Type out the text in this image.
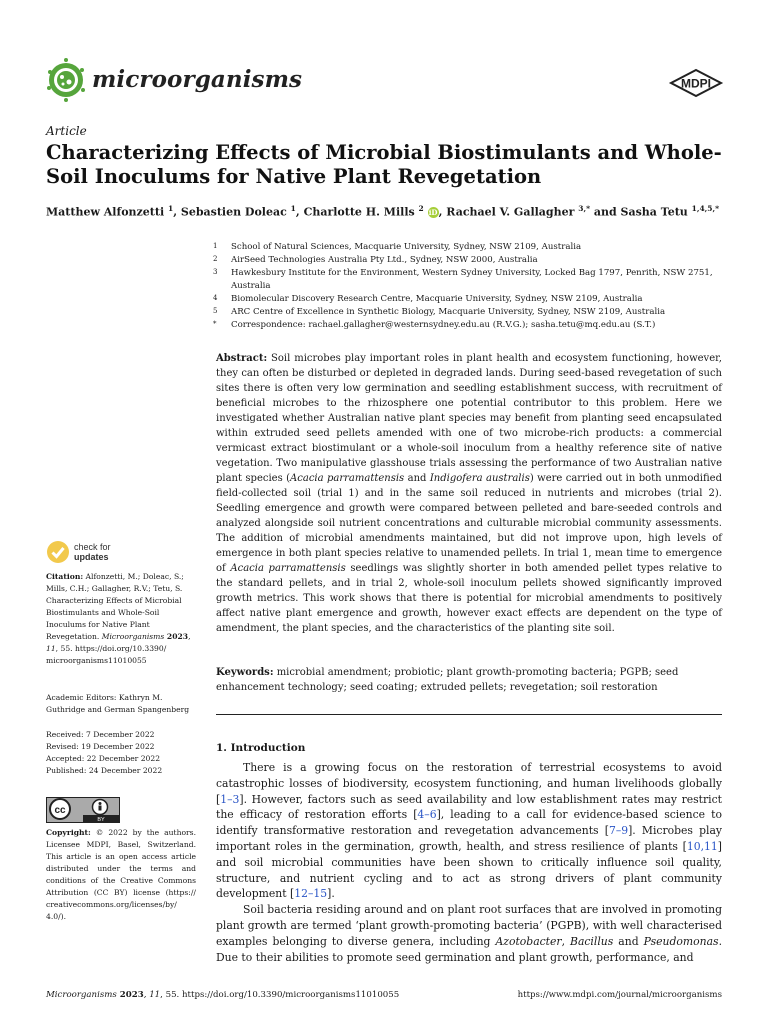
microorganisms	MDPI
Article
Characterizing Effects of Microbial Biostimulants and Whole-Soil Inoculums for Native Plant Revegetation
Matthew Alfonzetti $^1$, Sebastien Doleac $^1$, Charlotte H. Mills $^2$ iD, Rachael V. Gallagher $^{3,*}$ and Sasha Tetu $^{1,4,5,*}$
1 School of Natural Sciences, Macquarie University, Sydney, NSW 2109, Australia
2 AirSeed Technologies Australia Pty Ltd., Sydney, NSW 2000, Australia
3 Hawkesbury Institute for the Environment, Western Sydney University, Locked Bag 1797, Penrith, NSW 2751, Australia
4 Biomolecular Discovery Research Centre, Macquarie University, Sydney, NSW 2109, Australia
5 ARC Centre of Excellence in Synthetic Biology, Macquarie University, Sydney, NSW 2109, Australia
* Correspondence: rachael.gallagher@westernsydney.edu.au (R.V.G.); sasha.tetu@mq.edu.au (S.T.)
Abstract: Soil microbes play important roles in plant health and ecosystem functioning, however, they can often be disturbed or depleted in degraded lands. During seed-based revegetation of such sites there is often very low germination and seedling establishment success, with recruitment of beneficial microbes to the rhizosphere one potential contributor to this problem. Here we investigated whether Australian native plant species may benefit from planting seed encapsulated within extruded seed pellets amended with one of two microbe-rich products: a commercial vermicast extract biostimulant or a whole-soil inoculum from a healthy reference site of native vegetation. Two manipulative glasshouse trials assessing the performance of two Australian native plant species (Acacia parramattensis and Indigofera australis) were carried out in both unmodified field-collected soil (trial 1) and in the same soil reduced in nutrients and microbes (trial 2). Seedling emergence and growth were compared between pelleted and bare-seeded controls and analyzed alongside soil nutrient concentrations and culturable microbial community assessments. The addition of microbial amendments maintained, but did not improve upon, high levels of emergence in both plant species relative to unamended pellets. In trial 1, mean time to emergence of Acacia parramattensis seedlings was slightly shorter in both amended pellet types relative to the standard pellets, and in trial 2, whole-soil inoculum pellets showed significantly improved growth metrics. This work shows that there is potential for microbial amendments to positively affect native plant emergence and growth, however exact effects are dependent on the type of amendment, the plant species, and the characteristics of the planting site soil.
Keywords: microbial amendment; probiotic; plant growth-promoting bacteria; PGPB; seed enhancement technology; seed coating; extruded pellets; revegetation; soil restoration
check for
updates
Citation: Alfonzetti, M.; Doleac, S.; Mills, C.H.; Gallagher, R.V.; Tetu, S. Characterizing Effects of Microbial Biostimulants and Whole-Soil Inoculums for Native Plant Revegetation. Microorganisms 2023, 11, 55. https://doi.org/10.3390/ microorganisms11010055
Academic Editors: Kathryn M. Guthridge and German Spangenberg
Received: 7 December 2022
Revised: 19 December 2022
Accepted: 22 December 2022
Published: 24 December 2022
cc
BY
Copyright: © 2022 by the authors. Licensee MDPI, Basel, Switzerland. This article is an open access article distributed under the terms and conditions of the Creative Commons Attribution (CC BY) license (https:// creativecommons.org/licenses/by/ 4.0/).
1. Introduction

There is a growing focus on the restoration of terrestrial ecosystems to avoid catastrophic losses of biodiversity, ecosystem functioning, and human livelihoods globally [1–3]. However, factors such as seed availability and low establishment rates may restrict the efficacy of restoration efforts [4–6], leading to a call for evidence-based science to identify transformative restoration and revegetation advancements [7–9]. Microbes play important roles in the germination, growth, health, and stress resilience of plants [10,11] and soil microbial communities have been shown to critically influence soil quality, structure, and nutrient cycling and to act as strong drivers of plant community development [12–15].

Soil bacteria residing around and on plant root surfaces that are involved in promoting plant growth are termed ‘plant growth-promoting bacteria’ (PGPB), with well characterised examples belonging to diverse genera, including Azotobacter, Bacillus and Pseudomonas. Due to their abilities to promote seed germination and plant growth, performance, and

Microorganisms 2023, 11, 55. https://doi.org/10.3390/microorganisms11010055	https://www.mdpi.com/journal/microorganisms
